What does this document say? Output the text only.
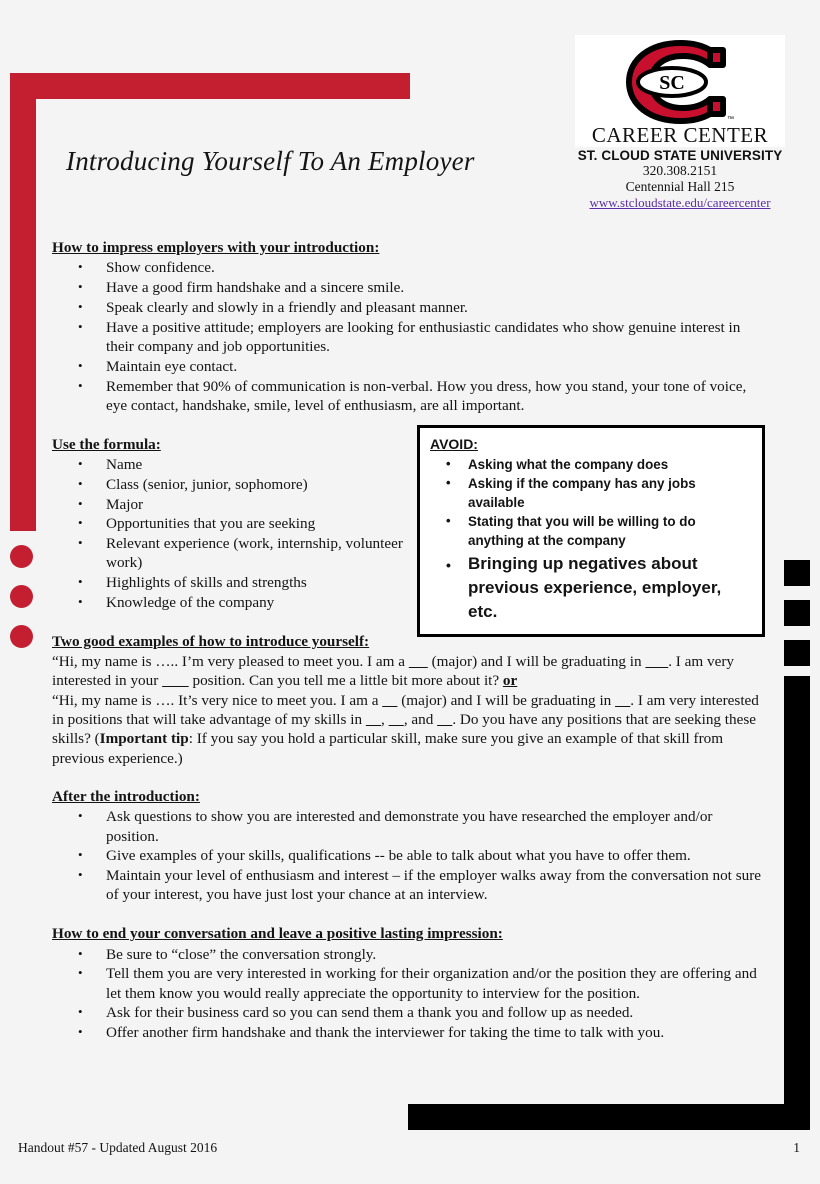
SC
™
CAREER CENTER
ST. CLOUD STATE UNIVERSITY
320.308.2151
Centennial Hall 215
www.stcloudstate.edu/careercenter
Introducing Yourself To An Employer
How to impress employers with your introduction:
• Show confidence.
• Have a good firm handshake and a sincere smile.
• Speak clearly and slowly in a friendly and pleasant manner.
• Have a positive attitude; employers are looking for enthusiastic candidates who show genuine interest in their company and job opportunities.
• Maintain eye contact.
• Remember that 90% of communication is non-verbal. How you dress, how you stand, your tone of voice, eye contact, handshake, smile, level of enthusiasm, are all important.
Use the formula:
• Name
• Class (senior, junior, sophomore)
• Major
• Opportunities that you are seeking
• Relevant experience (work, internship, volunteer work)
• Highlights of skills and strengths
• Knowledge of the company
AVOID:
• Asking what the company does
• Asking if the company has any jobs available
• Stating that you will be willing to do anything at the company
• Bringing up negatives about previous experience, employer, etc.
Two good examples of how to introduce yourself:

“Hi, my name is ….. I’m very pleased to meet you. I am a       (major) and I will be graduating in       . I am very interested in your         position. Can you tell me a little bit more about it? or

“Hi, my name is …. It’s very nice to meet you. I am a      (major) and I will be graduating in     . I am very interested in positions that will take advantage of my skills in     ,     , and     . Do you have any positions that are seeking these skills? (Important tip: If you say you hold a particular skill, make sure you give an example of that skill from previous experience.)

After the introduction:
• Ask questions to show you are interested and demonstrate you have researched the employer and/or position.
• Give examples of your skills, qualifications -- be able to talk about what you have to offer them.
• Maintain your level of enthusiasm and interest – if the employer walks away from the conversation not sure of your interest, you have just lost your chance at an interview.
How to end your conversation and leave a positive lasting impression:
• Be sure to “close” the conversation strongly.
• Tell them you are very interested in working for their organization and/or the position they are offering and let them know you would really appreciate the opportunity to interview for the position.
• Ask for their business card so you can send them a thank you and follow up as needed.
• Offer another firm handshake and thank the interviewer for taking the time to talk with you.
Handout #57 - Updated August 2016	1
